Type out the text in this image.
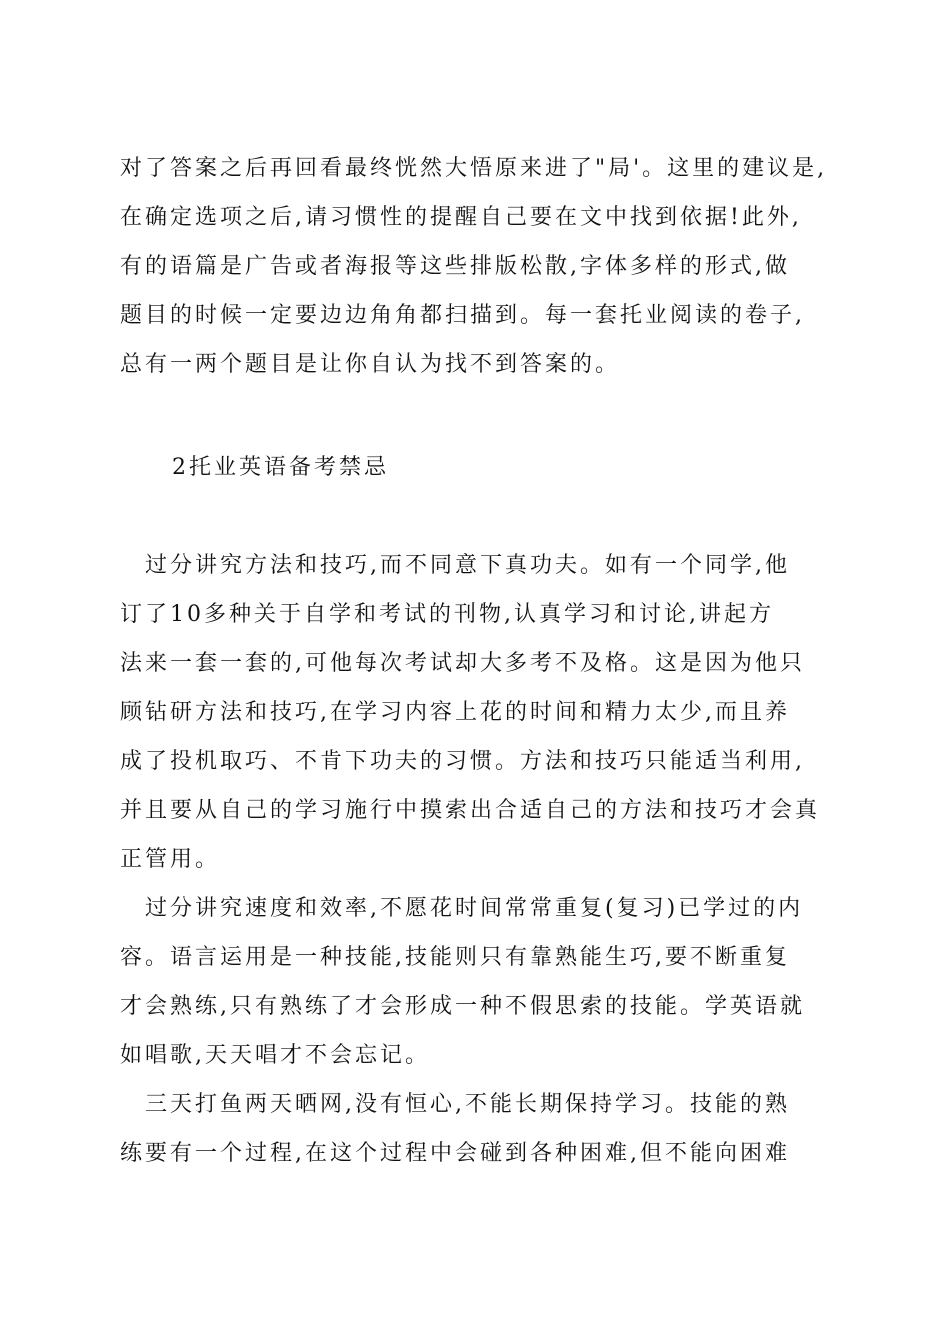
对了答案之后再回看最终恍然大悟原来进了"局'。这里的建议是,
在确定选项之后,请习惯性的提醒自己要在文中找到依据!此外,
有的语篇是广告或者海报等这些排版松散,字体多样的形式,做
题目的时候一定要边边角角都扫描到。每一套托业阅读的卷子,
总有一两个题目是让你自认为找不到答案的。
2托业英语备考禁忌
过分讲究方法和技巧,而不同意下真功夫。如有一个同学,他
订了10多种关于自学和考试的刊物,认真学习和讨论,讲起方
法来一套一套的,可他每次考试却大多考不及格。这是因为他只
顾钻研方法和技巧,在学习内容上花的时间和精力太少,而且养
成了投机取巧、不肯下功夫的习惯。方法和技巧只能适当利用,
并且要从自己的学习施行中摸索出合适自己的方法和技巧才会真
正管用。
过分讲究速度和效率,不愿花时间常常重复(复习)已学过的内
容。语言运用是一种技能,技能则只有靠熟能生巧,要不断重复
才会熟练,只有熟练了才会形成一种不假思索的技能。学英语就
如唱歌,天天唱才不会忘记。
三天打鱼两天晒网,没有恒心,不能长期保持学习。技能的熟
练要有一个过程,在这个过程中会碰到各种困难,但不能向困难
